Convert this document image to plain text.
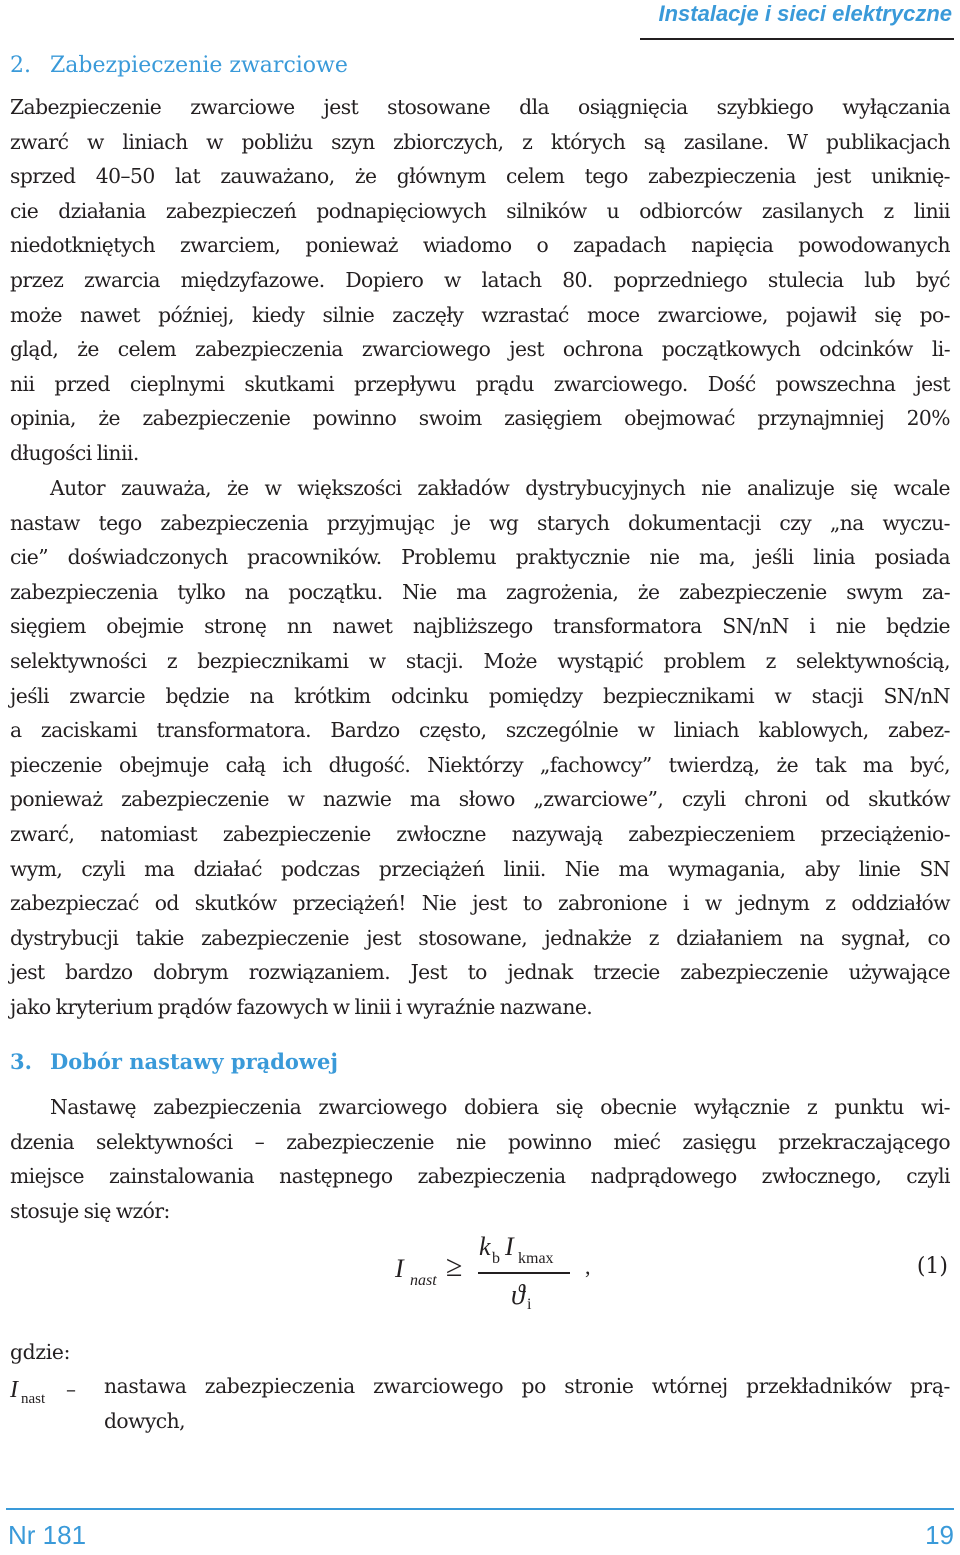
Instalacje i sieci elektryczne
2. Zabezpieczenie zwarciowe
Zabezpieczenie zwarciowe jest stosowane dla osiągnięcia szybkiego wyłączania
zwarć w liniach w pobliżu szyn zbiorczych, z których są zasilane. W publikacjach
sprzed 40–50 lat zauważano, że głównym celem tego zabezpieczenia jest uniknię-
cie działania zabezpieczeń podnapięciowych silników u odbiorców zasilanych z linii
niedotkniętych zwarciem, ponieważ wiadomo o zapadach napięcia powodowanych
przez zwarcia międzyfazowe. Dopiero w latach 80. poprzedniego stulecia lub być
może nawet później, kiedy silnie zaczęły wzrastać moce zwarciowe, pojawił się po-
gląd, że celem zabezpieczenia zwarciowego jest ochrona początkowych odcinków li-
nii przed cieplnymi skutkami przepływu prądu zwarciowego. Dość powszechna jest
opinia, że zabezpieczenie powinno swoim zasięgiem obejmować przynajmniej 20%
długości linii.
Autor zauważa, że w większości zakładów dystrybucyjnych nie analizuje się wcale
nastaw tego zabezpieczenia przyjmując je wg starych dokumentacji czy „na wyczu-
cie” doświadczonych pracowników. Problemu praktycznie nie ma, jeśli linia posiada
zabezpieczenia tylko na początku. Nie ma zagrożenia, że zabezpieczenie swym za-
sięgiem obejmie stronę nn nawet najbliższego transformatora SN/nN i nie będzie
selektywności z bezpiecznikami w stacji. Może wystąpić problem z selektywnością,
jeśli zwarcie będzie na krótkim odcinku pomiędzy bezpiecznikami w stacji SN/nN
a zaciskami transformatora. Bardzo często, szczególnie w liniach kablowych, zabez-
pieczenie obejmuje całą ich długość. Niektórzy „fachowcy” twierdzą, że tak ma być,
ponieważ zabezpieczenie w nazwie ma słowo „zwarciowe”, czyli chroni od skutków
zwarć, natomiast zabezpieczenie zwłoczne nazywają zabezpieczeniem przeciążenio-
wym, czyli ma działać podczas przeciążeń linii. Nie ma wymagania, aby linie SN
zabezpieczać od skutków przeciążeń! Nie jest to zabronione i w jednym z oddziałów
dystrybucji takie zabezpieczenie jest stosowane, jednakże z działaniem na sygnał, co
jest bardzo dobrym rozwiązaniem. Jest to jednak trzecie zabezpieczenie używające
jako kryterium prądów fazowych w linii i wyraźnie nazwane.
3. Dobór nastawy prądowej
Nastawę zabezpieczenia zwarciowego dobiera się obecnie wyłącznie z punktu wi-
dzenia selektywności – zabezpieczenie nie powinno mieć zasięgu przekraczającego
miejsce zainstalowania następnego zabezpieczenia nadprądowego zwłocznego, czyli
stosuje się wzór:
I nast ≥
k b I kmax
ϑ i
,	(1)
gdzie:
I nast – nastawa zabezpieczenia zwarciowego po stronie wtórnej przekładników prą-
dowych,
Nr 181	19
